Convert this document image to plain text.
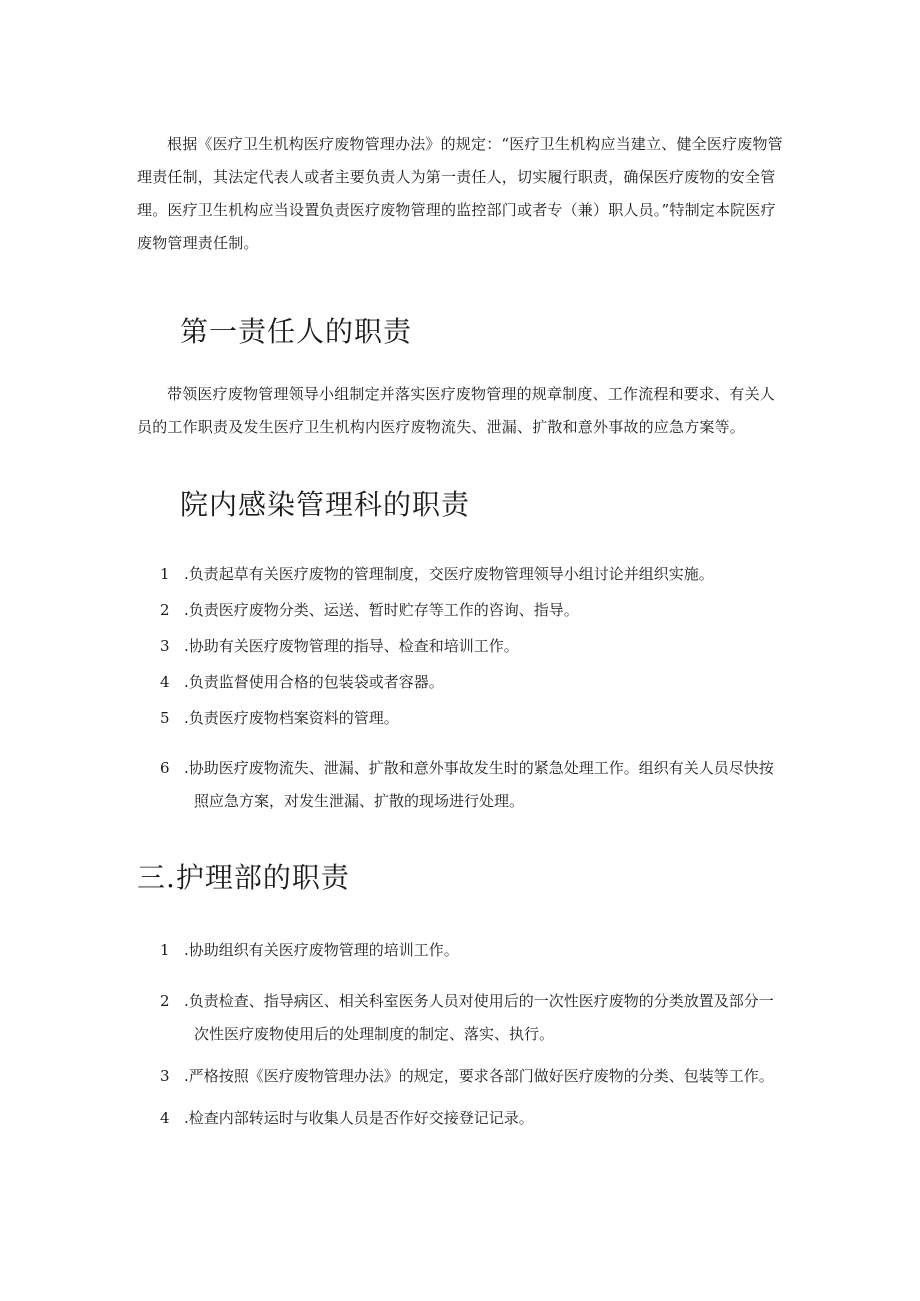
根据《医疗卫生机构医疗废物管理办法》的规定：“医疗卫生机构应当建立、健全医疗废物管理责任制，其法定代表人或者主要负责人为第一责任人，切实履行职责，确保医疗废物的安全管理。医疗卫生机构应当设置负责医疗废物管理的监控部门或者专（兼）职人员。”特制定本院医疗废物管理责任制。

第一责任人的职责

带领医疗废物管理领导小组制定并落实医疗废物管理的规章制度、工作流程和要求、有关人员的工作职责及发生医疗卫生机构内医疗废物流失、泄漏、扩散和意外事故的应急方案等。

院内感染管理科的职责
1 .负责起草有关医疗废物的管理制度，交医疗废物管理领导小组讨论并组织实施。
2 .负责医疗废物分类、运送、暂时贮存等工作的咨询、指导。
3 .协助有关医疗废物管理的指导、检查和培训工作。
4 .负责监督使用合格的包装袋或者容器。
5 .负责医疗废物档案资料的管理。
6 .协助医疗废物流失、泄漏、扩散和意外事故发生时的紧急处理工作。组织有关人员尽快按
照应急方案，对发生泄漏、扩散的现场进行处理。
三.护理部的职责
1 .协助组织有关医疗废物管理的培训工作。
2 .负责检查、指导病区、相关科室医务人员对使用后的一次性医疗废物的分类放置及部分一
次性医疗废物使用后的处理制度的制定、落实、执行。
3 .严格按照《医疗废物管理办法》的规定，要求各部门做好医疗废物的分类、包装等工作。
4 .检查内部转运时与收集人员是否作好交接登记记录。
